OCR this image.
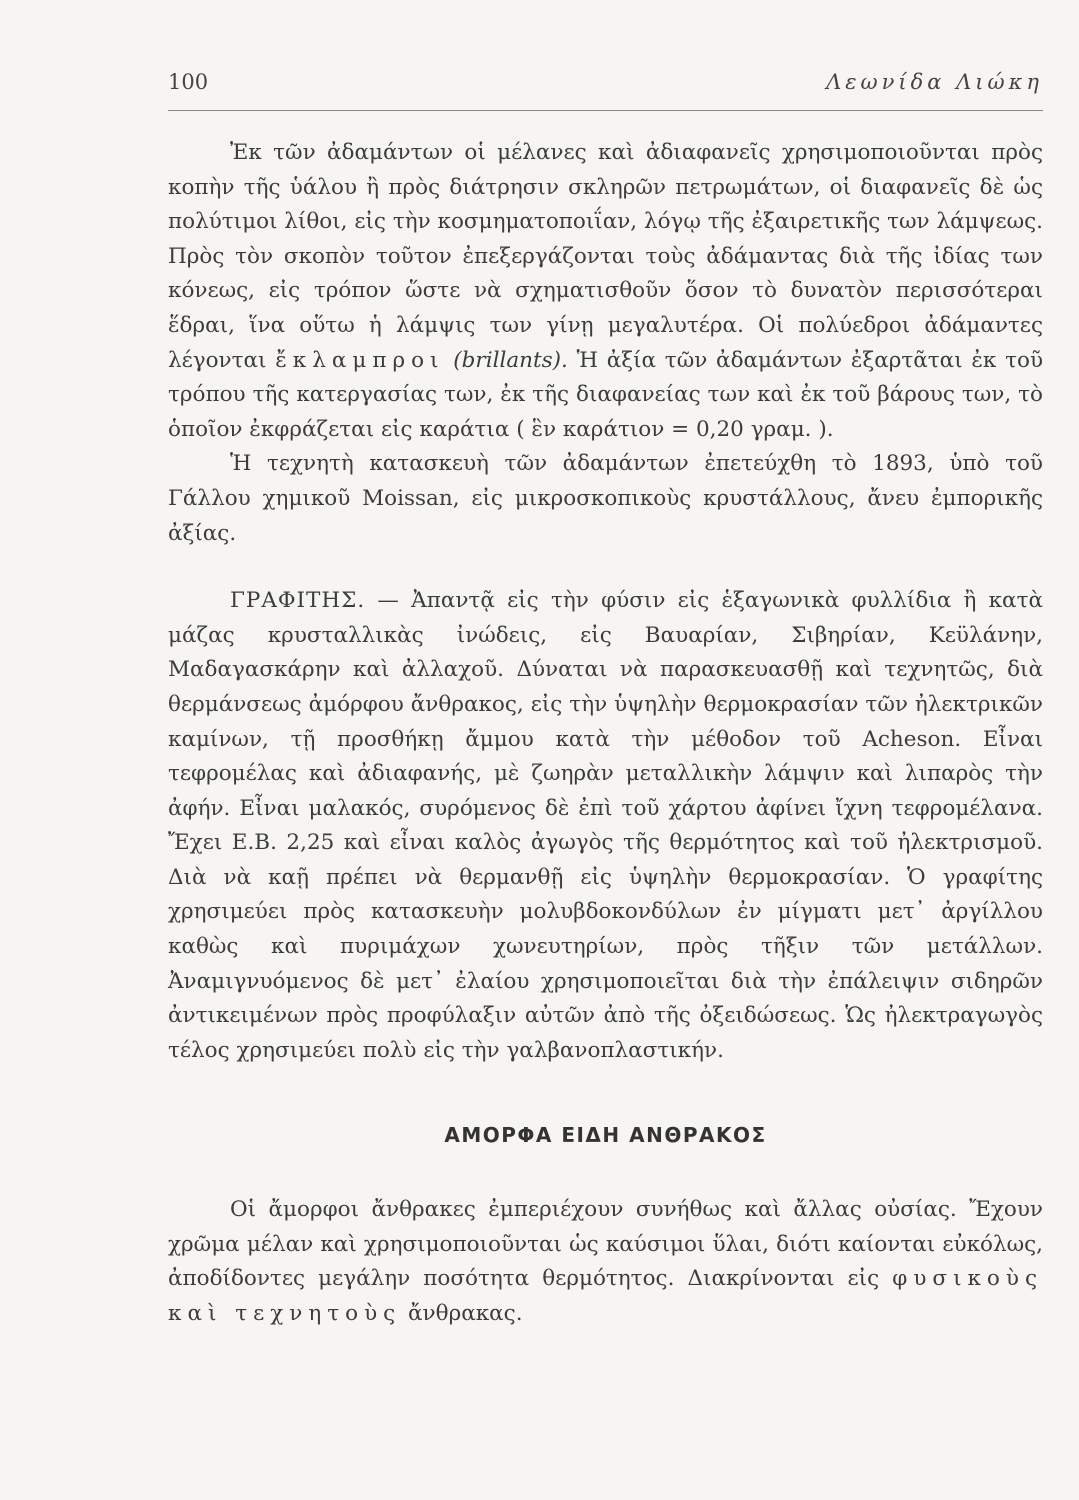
100	Λεωνίδα Λιώκη

Ἐκ τῶν ἀδαμάντων οἱ μέλανες καὶ ἀδιαφανεῖς χρησιμοποιοῦνται πρὸς κοπὴν τῆς ὑάλου ἢ πρὸς διάτρησιν σκληρῶν πετρωμάτων, οἱ διαφανεῖς δὲ ὡς πολύτιμοι λίθοι, εἰς τὴν κοσμηματοποιΐαν, λόγῳ τῆς ἐξαιρετικῆς των λάμψεως. Πρὸς τὸν σκοπὸν τοῦτον ἐπεξεργάζονται τοὺς ἀδάμαντας διὰ τῆς ἰδίας των κόνεως, εἰς τρόπον ὥστε νὰ σχηματισθοῦν ὅσον τὸ δυνατὸν περισσότεραι ἕδραι, ἵνα οὕτω ἡ λάμψις των γίνῃ μεγαλυτέρα. Οἱ πολύεδροι ἀδάμαντες λέγονται ἔκλαμπροι (brillants). Ἡ ἀξία τῶν ἀδαμάντων ἐξαρτᾶται ἐκ τοῦ τρόπου τῆς κατεργασίας των, ἐκ τῆς διαφανείας των καὶ ἐκ τοῦ βάρους των, τὸ ὁποῖον ἐκφράζεται εἰς καράτια ( ἓν καράτιον = 0,20 γραμ. ).

Ἡ τεχνητὴ κατασκευὴ τῶν ἀδαμάντων ἐπετεύχθη τὸ 1893, ὑπὸ τοῦ Γάλλου χημικοῦ Moissan, εἰς μικροσκοπικοὺς κρυστάλλους, ἄνευ ἐμπορικῆς ἀξίας.

ΓΡΑΦΙΤΗΣ. — Ἀπαντᾷ εἰς τὴν φύσιν εἰς ἑξαγωνικὰ φυλλίδια ἢ κατὰ μάζας κρυσταλλικὰς ἰνώδεις, εἰς Βαυαρίαν, Σιβηρίαν, Κεϋλάνην, Μαδαγασκάρην καὶ ἀλλαχοῦ. Δύναται νὰ παρασκευασθῇ καὶ τεχνητῶς, διὰ θερμάνσεως ἀμόρφου ἄνθρακος, εἰς τὴν ὑψηλὴν θερμοκρασίαν τῶν ἠλεκτρικῶν καμίνων, τῇ προσθήκῃ ἄμμου κατὰ τὴν μέθοδον τοῦ Acheson. Εἶναι τεφρομέλας καὶ ἀδιαφανής, μὲ ζωηρὰν μεταλλικὴν λάμψιν καὶ λιπαρὸς τὴν ἀφήν. Εἶναι μαλακός, συρόμενος δὲ ἐπὶ τοῦ χάρτου ἀφίνει ἴχνη τεφρομέλανα. Ἔχει Ε.Β. 2,25 καὶ εἶναι καλὸς ἀγωγὸς τῆς θερμότητος καὶ τοῦ ἠλεκτρισμοῦ. Διὰ νὰ καῇ πρέπει νὰ θερμανθῇ εἰς ὑψηλὴν θερμοκρασίαν. Ὁ γραφίτης χρησιμεύει πρὸς κατασκευὴν μολυβδοκονδύλων ἐν μίγματι μετ᾽ ἀργίλλου καθὼς καὶ πυριμάχων χωνευτηρίων, πρὸς τῆξιν τῶν μετάλλων. Ἀναμιγνυόμενος δὲ μετ᾽ ἐλαίου χρησιμοποιεῖται διὰ τὴν ἐπάλειψιν σιδηρῶν ἀντικειμένων πρὸς προφύλαξιν αὐτῶν ἀπὸ τῆς ὀξειδώσεως. Ὡς ἠλεκτραγωγὸς τέλος χρησιμεύει πολὺ εἰς τὴν γαλβανοπλαστικήν.

ΑΜΟΡΦΑ ΕΙΔΗ ΑΝΘΡΑΚΟΣ

Οἱ ἄμορφοι ἄνθρακες ἐμπεριέχουν συνήθως καὶ ἄλλας οὐσίας. Ἔχουν χρῶμα μέλαν καὶ χρησιμοποιοῦνται ὡς καύσιμοι ὕλαι, διότι καίονται εὐκόλως, ἀποδίδοντες μεγάλην ποσότητα θερμότητος. Διακρίνονται εἰς φυσικοὺς καὶ τεχνητοὺς ἄνθρακας.
